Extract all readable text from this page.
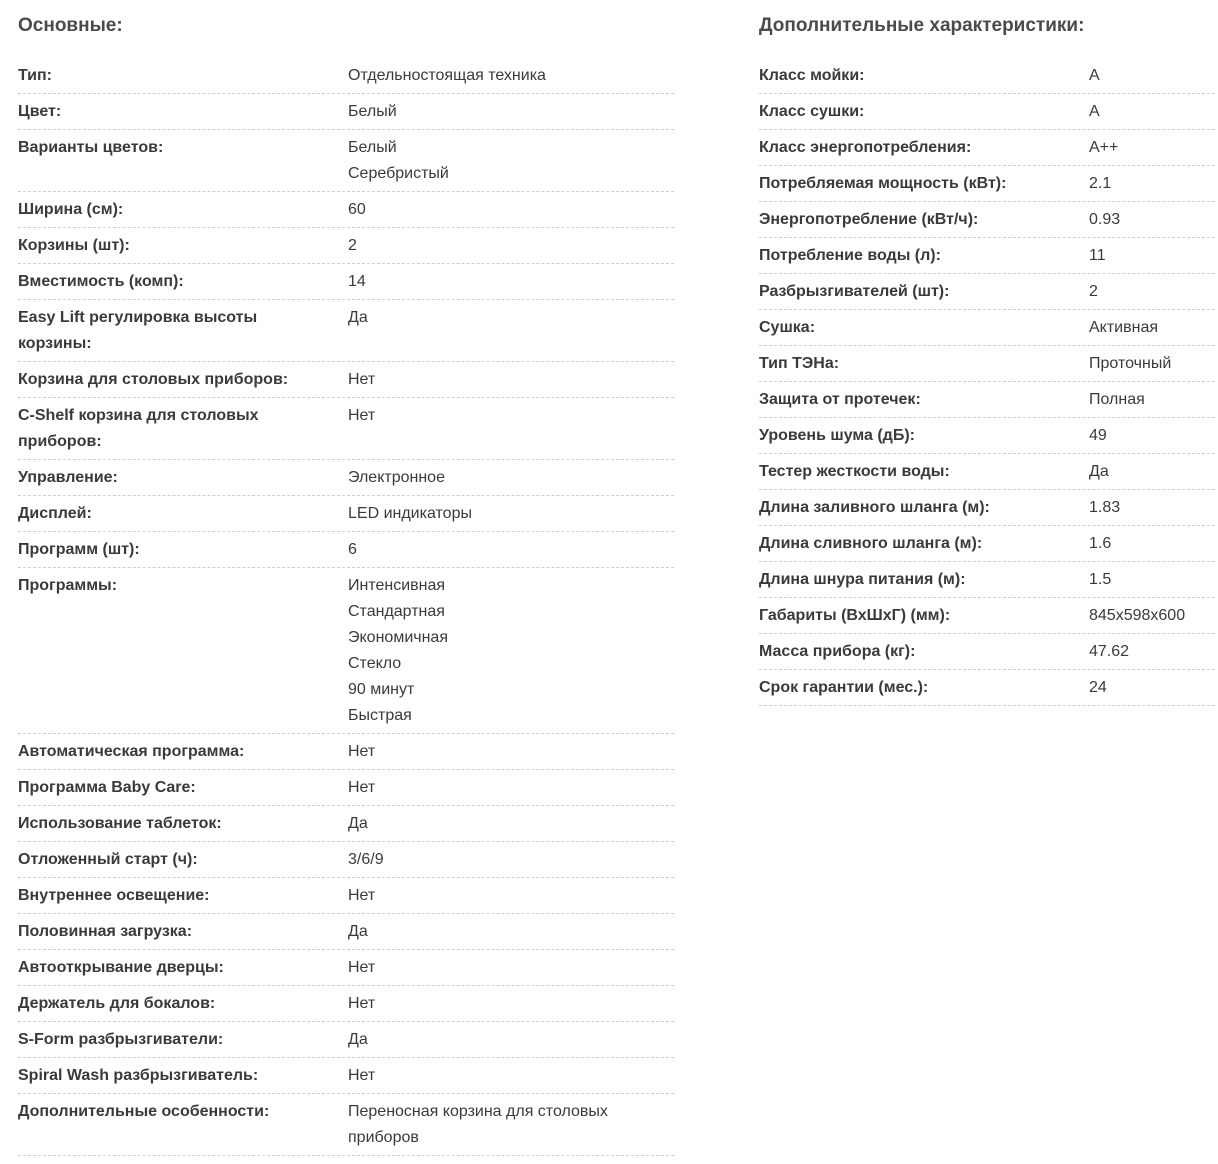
Основные:
Тип:	Отдельностоящая техника
Цвет:	Белый
Варианты цветов:	Белый
Серебристый
Ширина (см):	60
Корзины (шт):	2
Вместимость (комп):	14
Easy Lift регулировка высоты корзины:
Да
Корзина для столовых приборов:	Нет
C-Shelf корзина для столовых приборов:
Нет
Управление:	Электронное
Дисплей:	LED индикаторы
Программ (шт):	6
Программы:	Интенсивная
Стандартная
Экономичная
Стекло
90 минут
Быстрая
Автоматическая программа:	Нет
Программа Baby Care:	Нет
Использование таблеток:	Да
Отложенный старт (ч):	3/6/9
Внутреннее освещение:	Нет
Половинная загрузка:	Да
Автооткрывание дверцы:	Нет
Держатель для бокалов:	Нет
S-Form разбрызгиватели:	Да
Spiral Wash разбрызгиватель:	Нет
Дополнительные особенности:	Переносная корзина для столовых приборов
Дополнительные характеристики:
Класс мойки:	A
Класс сушки:	A
Класс энергопотребления:	A++
Потребляемая мощность (кВт):	2.1
Энергопотребление (кВт/ч):	0.93
Потребление воды (л):	11
Разбрызгивателей (шт):	2
Сушка:	Активная
Тип ТЭНа:	Проточный
Защита от протечек:	Полная
Уровень шума (дБ):	49
Тестер жесткости воды:	Да
Длина заливного шланга (м):	1.83
Длина сливного шланга (м):	1.6
Длина шнура питания (м):	1.5
Габариты (ВхШхГ) (мм):	845x598x600
Масса прибора (кг):	47.62
Срок гарантии (мес.):	24
